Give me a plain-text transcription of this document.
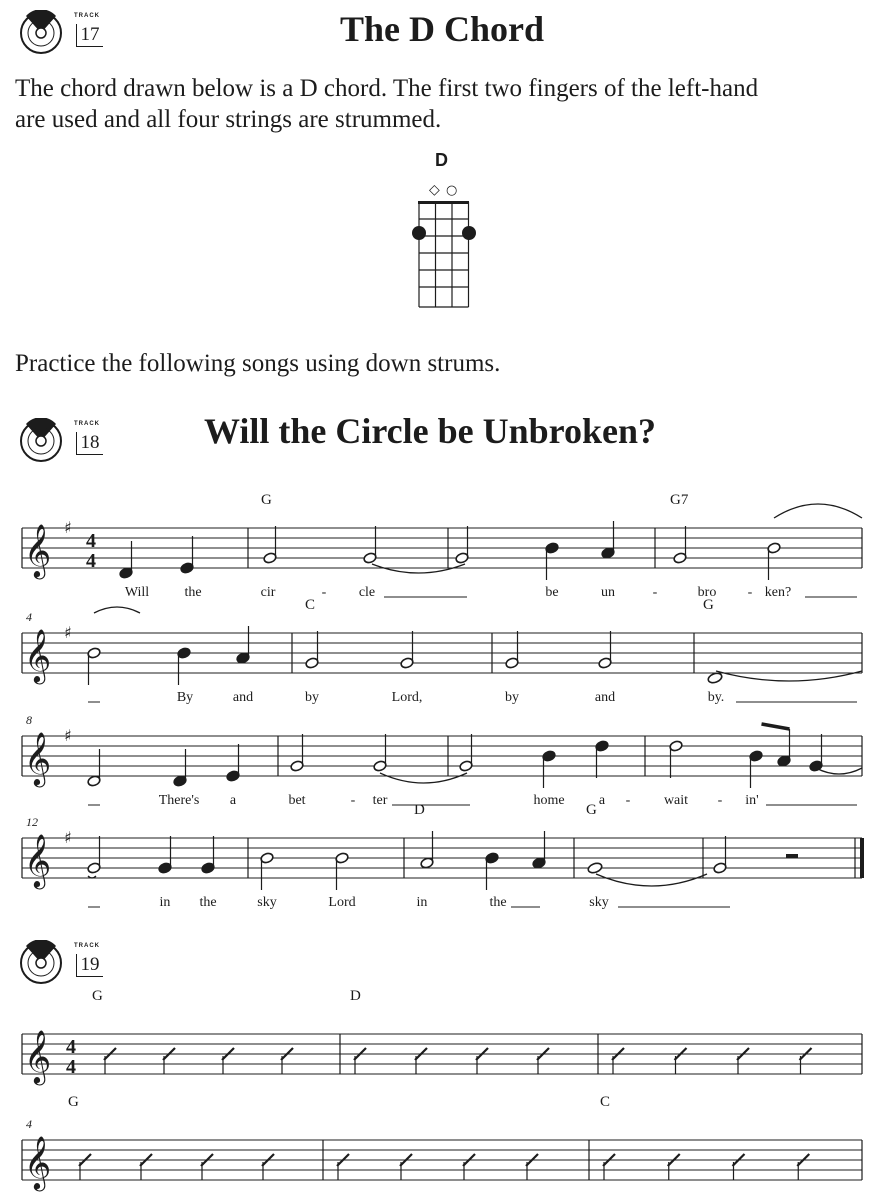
TRACK
17	The D Chord

The chord drawn below is a D chord. The first two fingers of the left-hand

are used and all four strings are strummed.

D
◇ ○

Practice the following songs using down strums.

TRACK
18	Will the Circle be Unbroken?
𝄞 ♯
4
4
G	G7
Will	the	cir	- cle	be	un	-	bro - ken?
𝄞 ♯
4
C	G
By	and	by	Lord,	by	and	by.
𝄞 ♯
8
There's a	bet	- ter	home a - wait - in'
𝄞 ♯
12
D	G
in the	sky	Lord	in	the	sky
TRACK
19
𝄞 4
4
G	D
𝄞
4
G	C
